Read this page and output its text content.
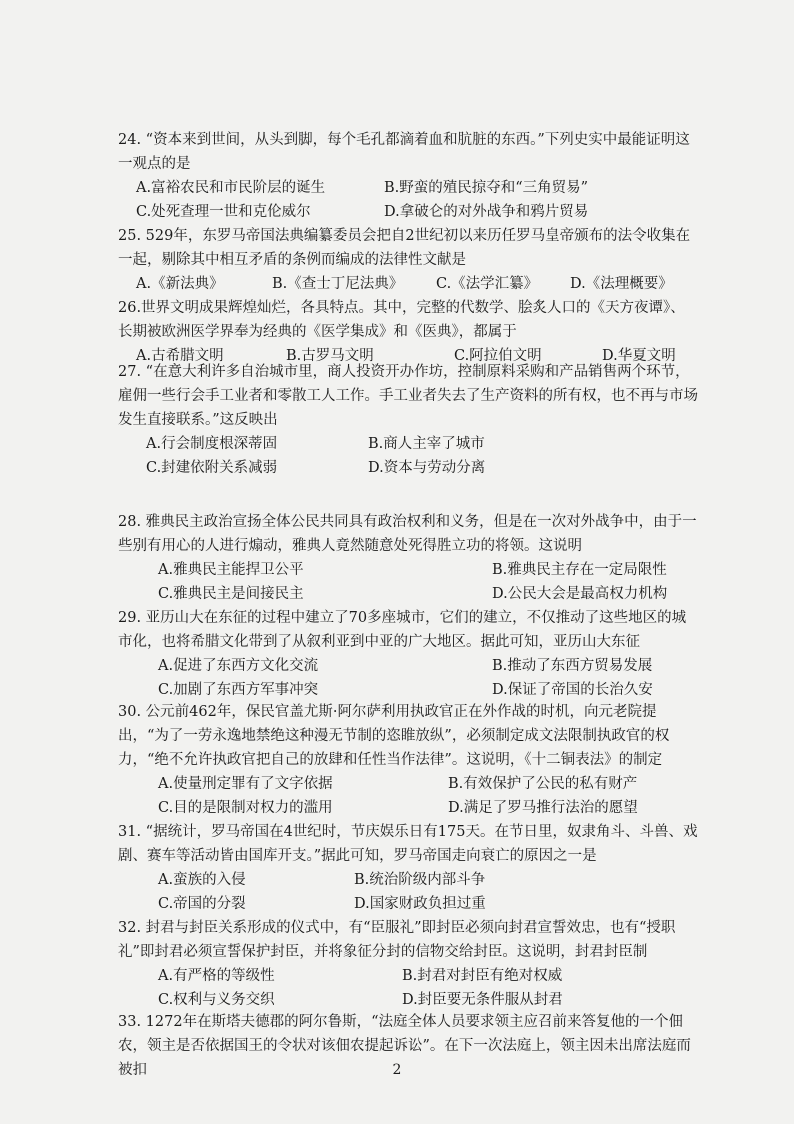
24. “资本来到世间，从头到脚，每个毛孔都滴着血和肮脏的东西。”下列史实中最能证明这一观点的是

A.富裕农民和市民阶层的诞生	B.野蛮的殖民掠夺和“三角贸易”
C.处死查理一世和克伦威尔	D.拿破仑的对外战争和鸦片贸易

25. 529年，东罗马帝国法典编纂委员会把自2世纪初以来历任罗马皇帝颁布的法令收集在一起，剔除其中相互矛盾的条例而编成的法律性文献是

A.《新法典》	B.《查士丁尼法典》 C.《法学汇纂》 D.《法理概要》

26.世界文明成果辉煌灿烂，各具特点。其中，完整的代数学、脍炙人口的《天方夜谭》、长期被欧洲医学界奉为经典的《医学集成》和《医典》，都属于

A.古希腊文明	B.古罗马文明	C.阿拉伯文明	D.华夏文明

27. “在意大利许多自治城市里，商人投资开办作坊，控制原料采购和产品销售两个环节，雇佣一些行会手工业者和零散工人工作。手工业者失去了生产资料的所有权，也不再与市场发生直接联系。”这反映出

A.行会制度根深蒂固	B.商人主宰了城市
C.封建依附关系减弱	D.资本与劳动分离

28. 雅典民主政治宣扬全体公民共同具有政治权利和义务，但是在一次对外战争中，由于一些别有用心的人进行煽动，雅典人竟然随意处死得胜立功的将领。这说明

A.雅典民主能捍卫公平	B.雅典民主存在一定局限性
C.雅典民主是间接民主	D.公民大会是最高权力机构

29. 亚历山大在东征的过程中建立了70多座城市，它们的建立，不仅推动了这些地区的城市化，也将希腊文化带到了从叙利亚到中亚的广大地区。据此可知，亚历山大东征

A.促进了东西方文化交流	B.推动了东西方贸易发展
C.加剧了东西方军事冲突	D.保证了帝国的长治久安

30. 公元前462年，保民官盖尤斯·阿尔萨利用执政官正在外作战的时机，向元老院提出，“为了一劳永逸地禁绝这种漫无节制的恣睢放纵”，必须制定成文法限制执政官的权力，“绝不允许执政官把自己的放肆和任性当作法律”。这说明，《十二铜表法》的制定

A.使量刑定罪有了文字依据	B.有效保护了公民的私有财产
C.目的是限制对权力的滥用	D.满足了罗马推行法治的愿望

31. “据统计，罗马帝国在4世纪时，节庆娱乐日有175天。在节日里，奴隶角斗、斗兽、戏剧、赛车等活动皆由国库开支。”据此可知，罗马帝国走向衰亡的原因之一是

A.蛮族的入侵	B.统治阶级内部斗争
C.帝国的分裂	D.国家财政负担过重

32. 封君与封臣关系形成的仪式中，有“臣服礼”即封臣必须向封君宣誓效忠，也有“授职礼”即封君必须宣誓保护封臣，并将象征分封的信物交给封臣。这说明，封君封臣制

A.有严格的等级性	B.封君对封臣有绝对权威
C.权利与义务交织	D.封臣要无条件服从封君

33. 1272年在斯塔夫德郡的阿尔鲁斯，“法庭全体人员要求领主应召前来答复他的一个佃农，领主是否依据国王的令状对该佃农提起诉讼”。在下一次法庭上，领主因未出席法庭而被扣	2
